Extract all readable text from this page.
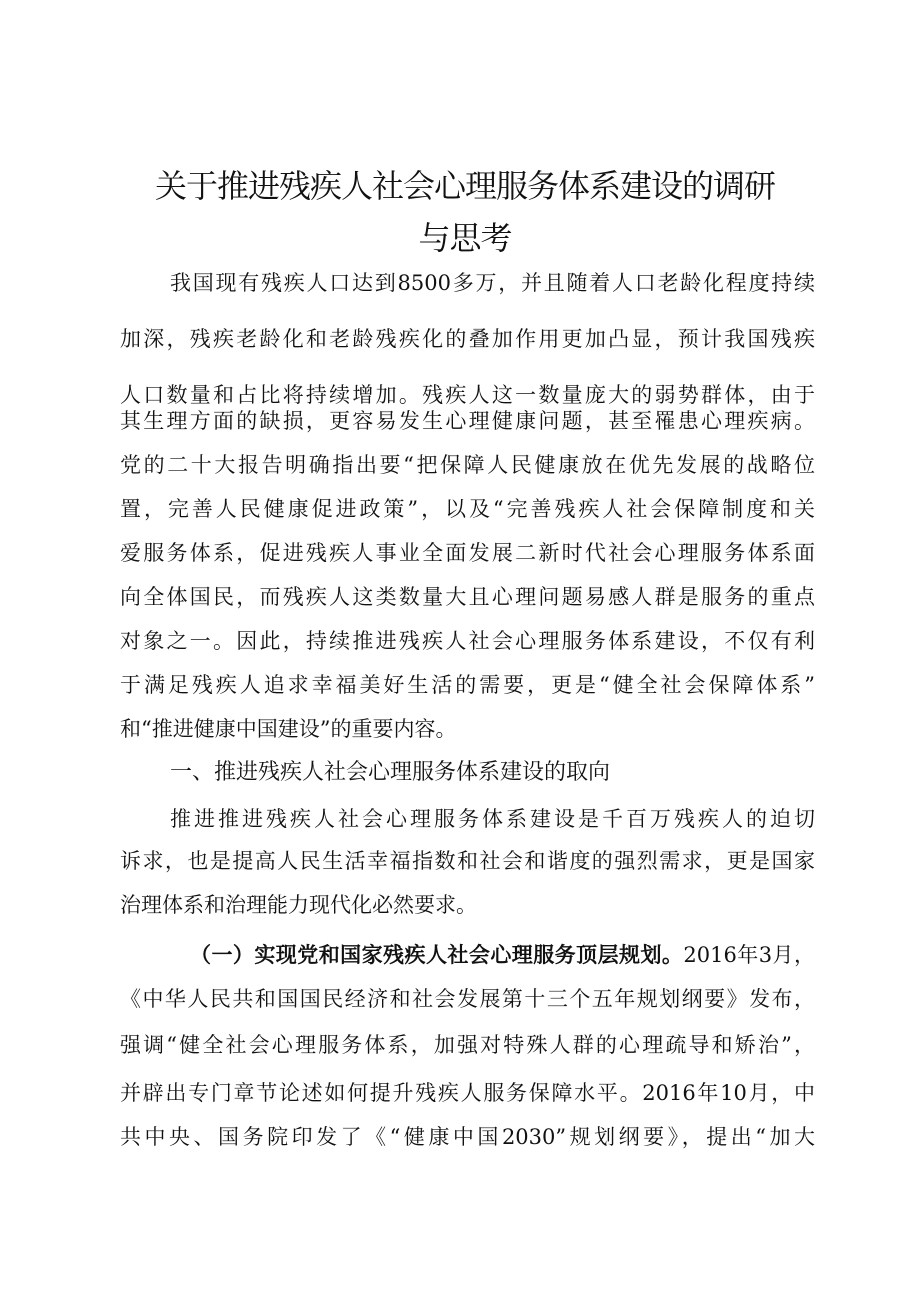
关于推进残疾人社会心理服务体系建设的调研
与思考
我国现有残疾人口达到8500多万，并且随着人口老龄化程度持续
加深，残疾老龄化和老龄残疾化的叠加作用更加凸显，预计我国残疾
人口数量和占比将持续增加。残疾人这一数量庞大的弱势群体，由于
其生理方面的缺损，更容易发生心理健康问题，甚至罹患心理疾病。
党的二十大报告明确指出要“把保障人民健康放在优先发展的战略位
置，完善人民健康促进政策”，以及“完善残疾人社会保障制度和关
爱服务体系，促进残疾人事业全面发展二新时代社会心理服务体系面
向全体国民，而残疾人这类数量大且心理问题易感人群是服务的重点
对象之一。因此，持续推进残疾人社会心理服务体系建设，不仅有利
于满足残疾人追求幸福美好生活的需要，更是“健全社会保障体系”
和“推进健康中国建设”的重要内容。
一、推进残疾人社会心理服务体系建设的取向
推进推进残疾人社会心理服务体系建设是千百万残疾人的迫切
诉求，也是提高人民生活幸福指数和社会和谐度的强烈需求，更是国家
治理体系和治理能力现代化必然要求。
（一）实现党和国家残疾人社会心理服务顶层规划。2016年3月，
《中华人民共和国国民经济和社会发展第十三个五年规划纲要》发布，
强调“健全社会心理服务体系，加强对特殊人群的心理疏导和矫治”，
并辟出专门章节论述如何提升残疾人服务保障水平。2016年10月，中
共中央、国务院印发了《“健康中国2030”规划纲要》，提出“加大
